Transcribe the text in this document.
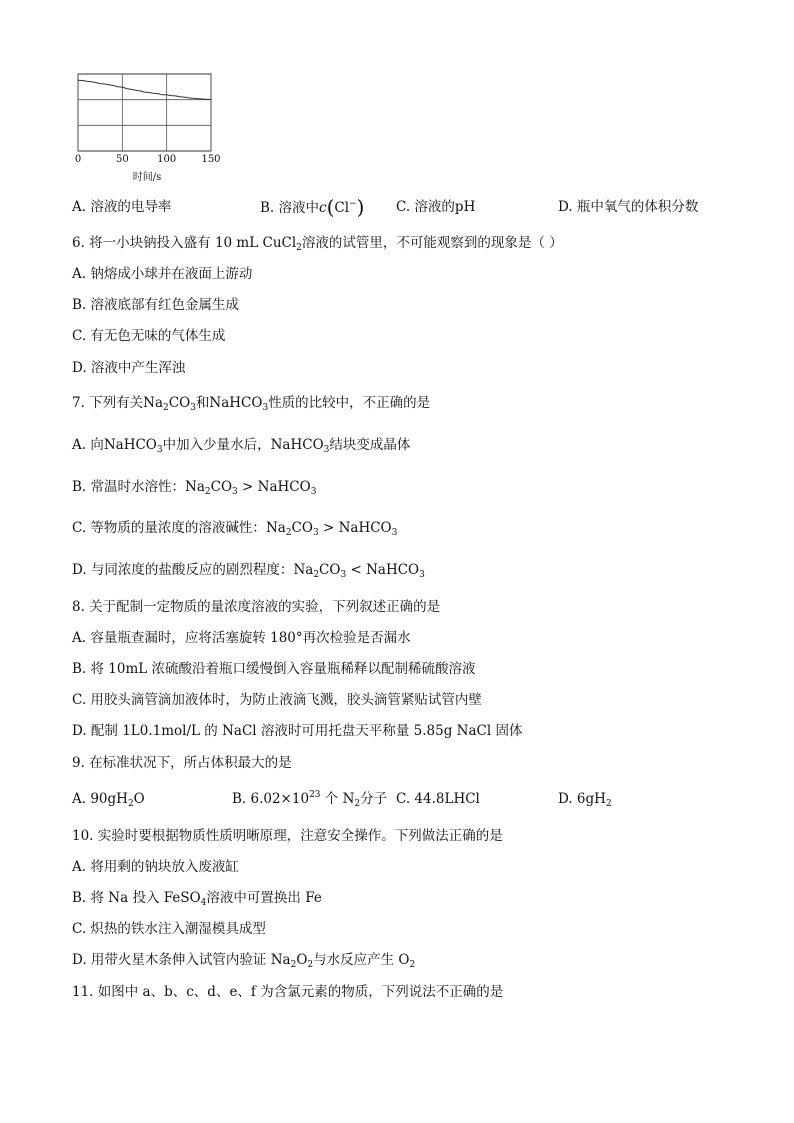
0	50	100	150
时间/s
A. 溶液的电导率	B. 溶液中c(Cl−) C. 溶液的pH	D. 瓶中氧气的体积分数
6. 将一小块钠投入盛有 10 mL CuCl$_2$溶液的试管里，不可能观察到的现象是（ ）
A. 钠熔成小球并在液面上游动
B. 溶液底部有红色金属生成
C. 有无色无味的气体生成
D. 溶液中产生浑浊
7. 下列有关$Na_2CO_3$和NaHCO$_3$性质的比较中，不正确的是
A. 向NaHCO$_3$中加入少量水后，NaHCO$_3$结块变成晶体
B. 常温时水溶性：$Na_2CO_3$ > NaHCO$_3$
C. 等物质的量浓度的溶液碱性：$Na_2CO_3$ > NaHCO$_3$
D. 与同浓度的盐酸反应的剧烈程度：$Na_2CO_3$ < NaHCO$_3$
8. 关于配制一定物质的量浓度溶液的实验，下列叙述正确的是
A. 容量瓶查漏时，应将活塞旋转 180°再次检验是否漏水
B. 将 10mL 浓硫酸沿着瓶口缓慢倒入容量瓶稀释以配制稀硫酸溶液
C. 用胶头滴管滴加液体时，为防止液滴飞溅，胶头滴管紧贴试管内壁
D. 配制 1L0.1mol/L 的 NaCl 溶液时可用托盘天平称量 5.85g NaCl 固体
9. 在标准状况下，所占体积最大的是
A. $90gH_2O$	B. $6.02\times 10^{23}$ 个 $N_2$分子 C. 44.8LHCl	D. $6gH_2$
10. 实验时要根据物质性质明晰原理，注意安全操作。下列做法正确的是
A. 将用剩的钠块放入废液缸
B. 将 Na 投入 FeSO$_4$溶液中可置换出 Fe
C. 炽热的铁水注入潮湿模具成型
D. 用带火星木条伸入试管内验证 $Na_2O_2$与水反应产生 $O_2$
11. 如图中 a、b、c、d、e、f 为含氯元素的物质，下列说法不正确的是
